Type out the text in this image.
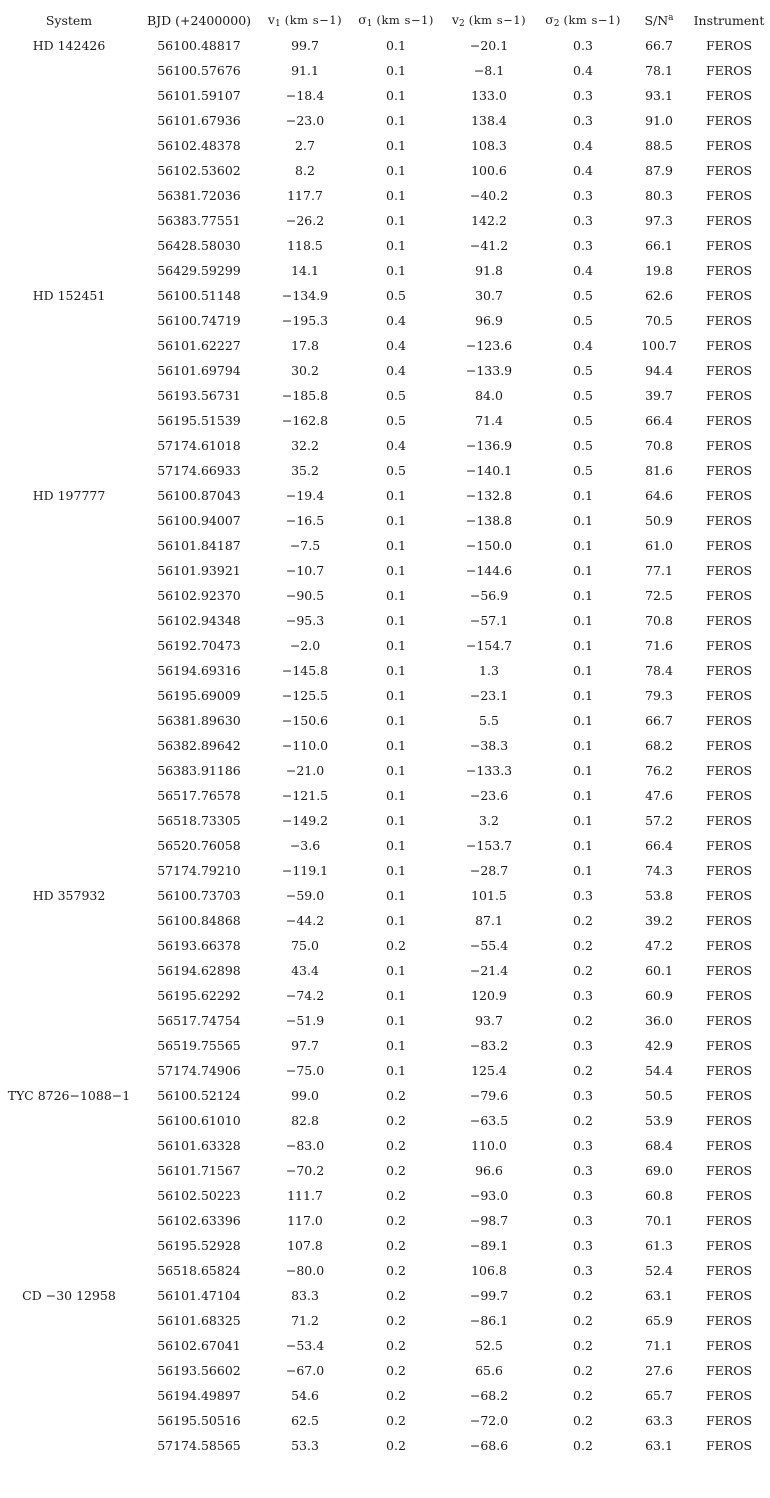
System	BJD (+2400000)	$v_1$ (km s−1)	$\sigma_1$ (km s−1)	$v_2$ (km s−1)	$\sigma_2$ (km s−1)	$S/N^a$	Instrument
HD 142426	56100.48817	99.7	0.1	−20.1	0.3	66.7	FEROS
	56100.57676	91.1	0.1	−8.1	0.4	78.1	FEROS
	56101.59107	−18.4	0.1	133.0	0.3	93.1	FEROS
	56101.67936	−23.0	0.1	138.4	0.3	91.0	FEROS
	56102.48378	2.7	0.1	108.3	0.4	88.5	FEROS
	56102.53602	8.2	0.1	100.6	0.4	87.9	FEROS
	56381.72036	117.7	0.1	−40.2	0.3	80.3	FEROS
	56383.77551	−26.2	0.1	142.2	0.3	97.3	FEROS
	56428.58030	118.5	0.1	−41.2	0.3	66.1	FEROS
	56429.59299	14.1	0.1	91.8	0.4	19.8	FEROS
HD 152451	56100.51148	−134.9	0.5	30.7	0.5	62.6	FEROS
	56100.74719	−195.3	0.4	96.9	0.5	70.5	FEROS
	56101.62227	17.8	0.4	−123.6	0.4	100.7	FEROS
	56101.69794	30.2	0.4	−133.9	0.5	94.4	FEROS
	56193.56731	−185.8	0.5	84.0	0.5	39.7	FEROS
	56195.51539	−162.8	0.5	71.4	0.5	66.4	FEROS
	57174.61018	32.2	0.4	−136.9	0.5	70.8	FEROS
	57174.66933	35.2	0.5	−140.1	0.5	81.6	FEROS
HD 197777	56100.87043	−19.4	0.1	−132.8	0.1	64.6	FEROS
	56100.94007	−16.5	0.1	−138.8	0.1	50.9	FEROS
	56101.84187	−7.5	0.1	−150.0	0.1	61.0	FEROS
	56101.93921	−10.7	0.1	−144.6	0.1	77.1	FEROS
	56102.92370	−90.5	0.1	−56.9	0.1	72.5	FEROS
	56102.94348	−95.3	0.1	−57.1	0.1	70.8	FEROS
	56192.70473	−2.0	0.1	−154.7	0.1	71.6	FEROS
	56194.69316	−145.8	0.1	1.3	0.1	78.4	FEROS
	56195.69009	−125.5	0.1	−23.1	0.1	79.3	FEROS
	56381.89630	−150.6	0.1	5.5	0.1	66.7	FEROS
	56382.89642	−110.0	0.1	−38.3	0.1	68.2	FEROS
	56383.91186	−21.0	0.1	−133.3	0.1	76.2	FEROS
	56517.76578	−121.5	0.1	−23.6	0.1	47.6	FEROS
	56518.73305	−149.2	0.1	3.2	0.1	57.2	FEROS
	56520.76058	−3.6	0.1	−153.7	0.1	66.4	FEROS
	57174.79210	−119.1	0.1	−28.7	0.1	74.3	FEROS
HD 357932	56100.73703	−59.0	0.1	101.5	0.3	53.8	FEROS
	56100.84868	−44.2	0.1	87.1	0.2	39.2	FEROS
	56193.66378	75.0	0.2	−55.4	0.2	47.2	FEROS
	56194.62898	43.4	0.1	−21.4	0.2	60.1	FEROS
	56195.62292	−74.2	0.1	120.9	0.3	60.9	FEROS
	56517.74754	−51.9	0.1	93.7	0.2	36.0	FEROS
	56519.75565	97.7	0.1	−83.2	0.3	42.9	FEROS
	57174.74906	−75.0	0.1	125.4	0.2	54.4	FEROS
TYC 8726−1088−1	56100.52124	99.0	0.2	−79.6	0.3	50.5	FEROS
	56100.61010	82.8	0.2	−63.5	0.2	53.9	FEROS
	56101.63328	−83.0	0.2	110.0	0.3	68.4	FEROS
	56101.71567	−70.2	0.2	96.6	0.3	69.0	FEROS
	56102.50223	111.7	0.2	−93.0	0.3	60.8	FEROS
	56102.63396	117.0	0.2	−98.7	0.3	70.1	FEROS
	56195.52928	107.8	0.2	−89.1	0.3	61.3	FEROS
	56518.65824	−80.0	0.2	106.8	0.3	52.4	FEROS
CD −30 12958	56101.47104	83.3	0.2	−99.7	0.2	63.1	FEROS
	56101.68325	71.2	0.2	−86.1	0.2	65.9	FEROS
	56102.67041	−53.4	0.2	52.5	0.2	71.1	FEROS
	56193.56602	−67.0	0.2	65.6	0.2	27.6	FEROS
	56194.49897	54.6	0.2	−68.2	0.2	65.7	FEROS
	56195.50516	62.5	0.2	−72.0	0.2	63.3	FEROS
	57174.58565	53.3	0.2	−68.6	0.2	63.1	FEROS
